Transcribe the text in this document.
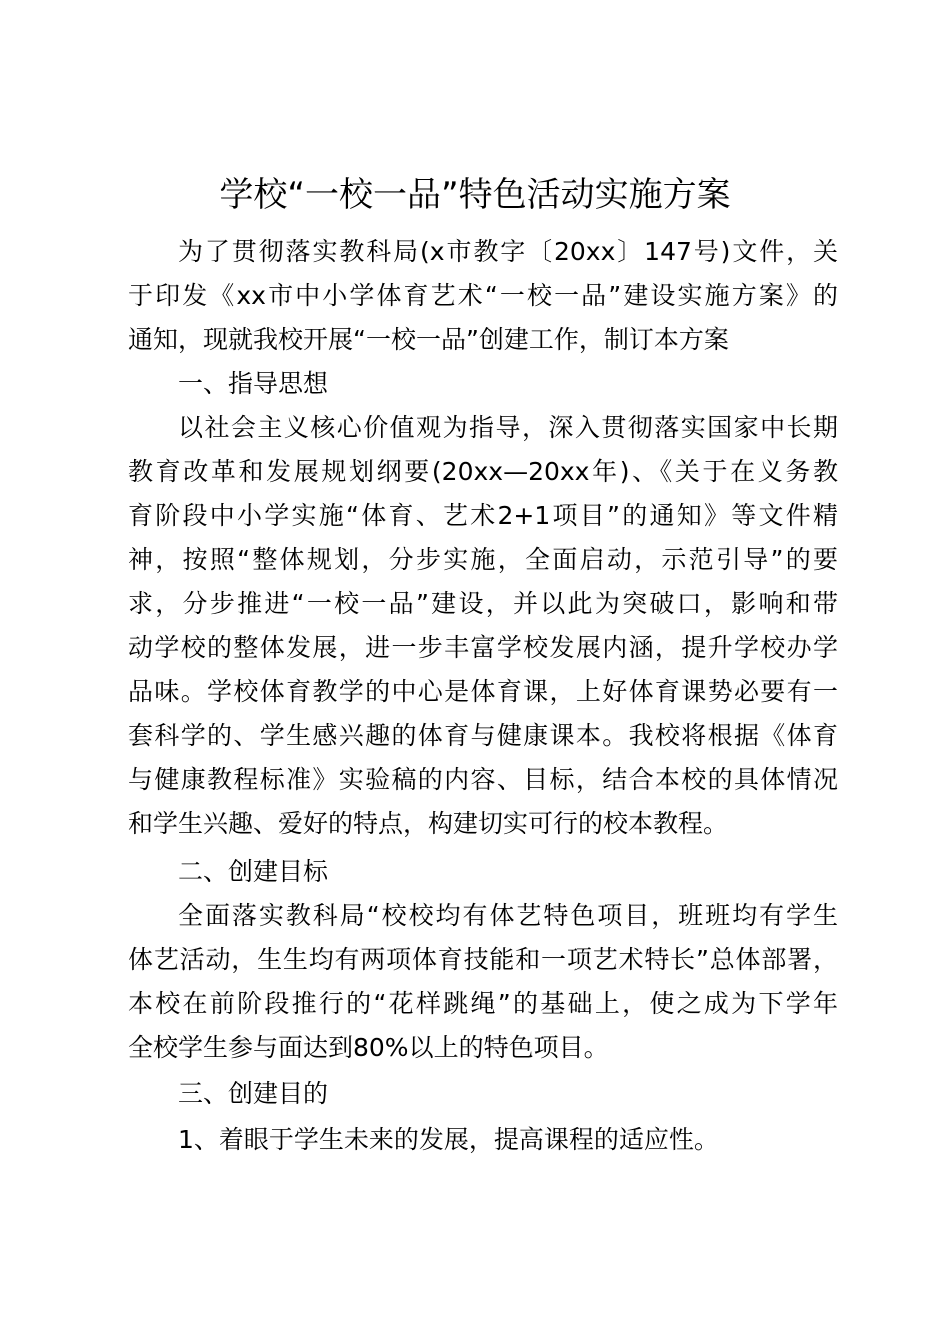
学校“一校一品”特色活动实施方案
为了贯彻落实教科局(x市教字〔20xx〕147号)文件，关
于印发《xx市中小学体育艺术“一校一品”建设实施方案》的
通知，现就我校开展“一校一品”创建工作，制订本方案
一、指导思想
以社会主义核心价值观为指导，深入贯彻落实国家中长期
教育改革和发展规划纲要(20xx—20xx年)、《关于在义务教
育阶段中小学实施“体育、艺术2+1项目”的通知》等文件精
神，按照“整体规划，分步实施，全面启动，示范引导”的要
求，分步推进“一校一品”建设，并以此为突破口，影响和带
动学校的整体发展，进一步丰富学校发展内涵，提升学校办学
品味。学校体育教学的中心是体育课，上好体育课势必要有一
套科学的、学生感兴趣的体育与健康课本。我校将根据《体育
与健康教程标准》实验稿的内容、目标，结合本校的具体情况
和学生兴趣、爱好的特点，构建切实可行的校本教程。
二、创建目标
全面落实教科局“校校均有体艺特色项目，班班均有学生
体艺活动，生生均有两项体育技能和一项艺术特长”总体部署，
本校在前阶段推行的“花样跳绳”的基础上，使之成为下学年
全校学生参与面达到80%以上的特色项目。
三、创建目的
1、着眼于学生未来的发展，提高课程的适应性。
